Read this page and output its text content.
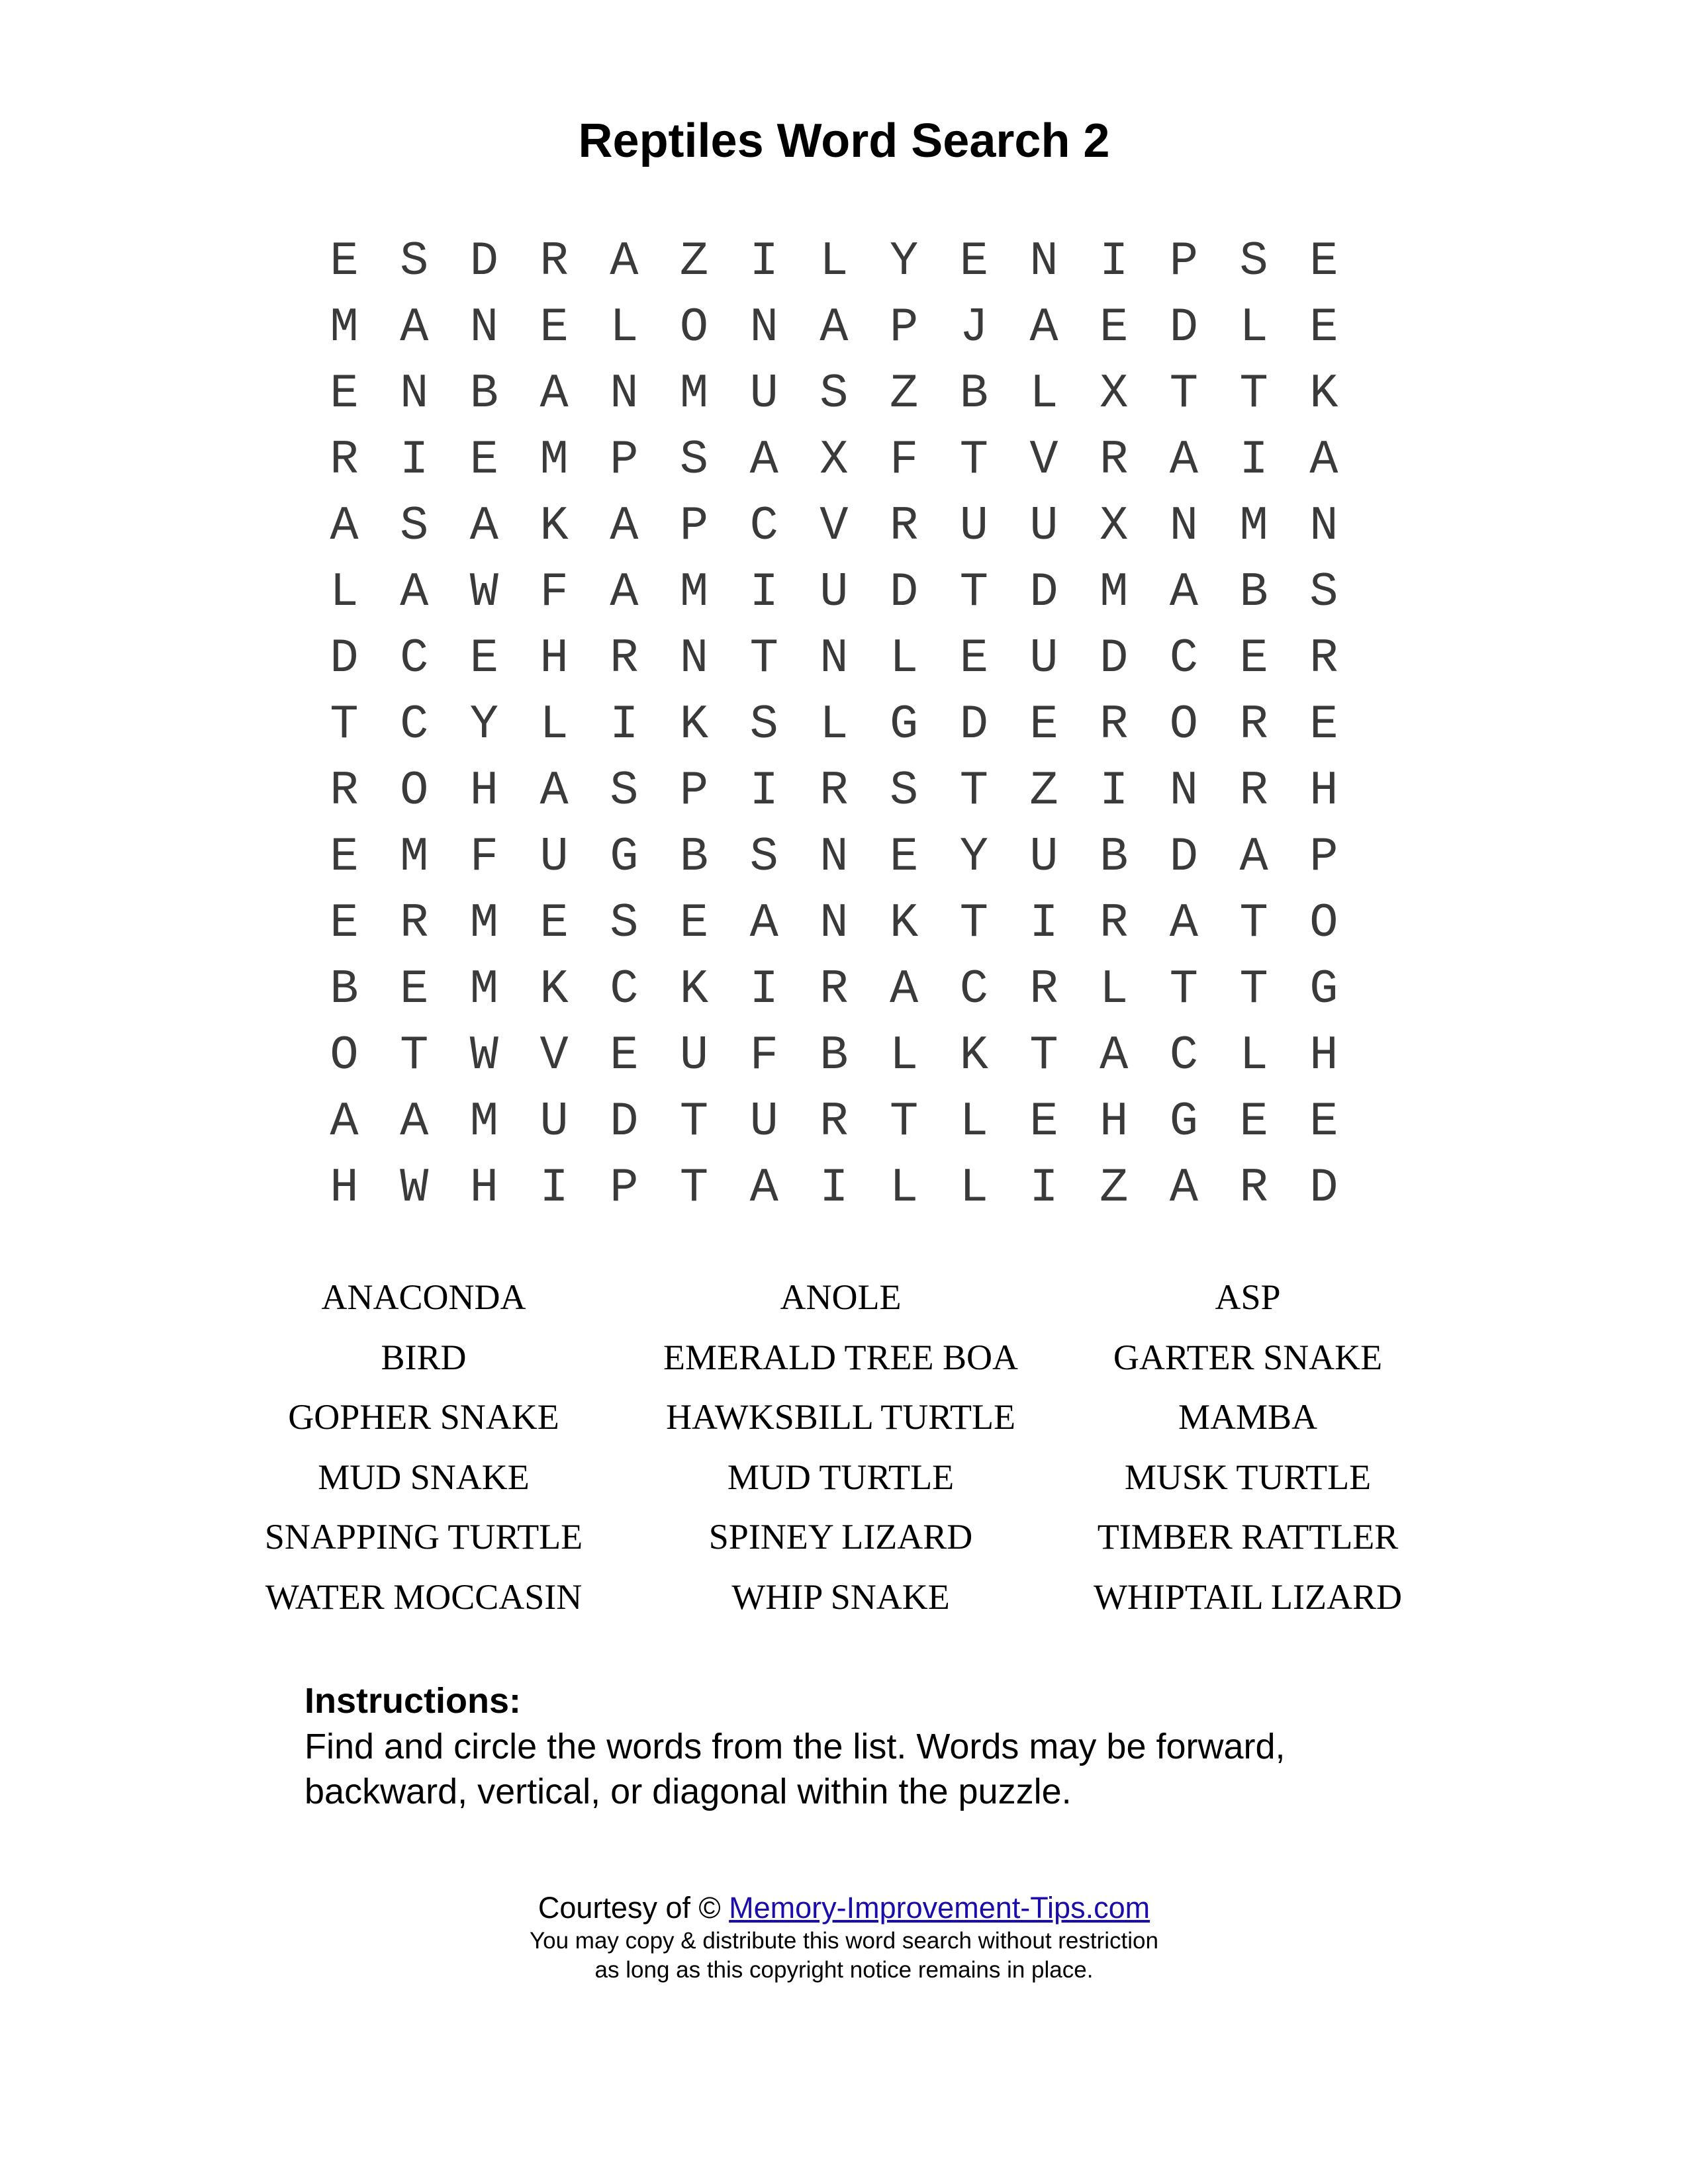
Reptiles Word Search 2
E S D R A Z I L Y E N I P S E
M A N E L O N A P J A E D L E
E N B A N M U S Z B L X T T K
R I E M P S A X F T V R A I A
A S A K A P C V R U U X N M N
L A W F A M I U D T D M A B S
D C E H R N T N L E U D C E R
T C Y L I K S L G D E R O R E
R O H A S P I R S T Z I N R H
E M F U G B S N E Y U B D A P
E R M E S E A N K T I R A T O
B E M K C K I R A C R L T T G
O T W V E U F B L K T A C L H
A A M U D T U R T L E H G E E
H W H I P T A I L L I Z A R D
ANACONDA	ANOLE	ASP
BIRD	EMERALD TREE BOA	GARTER SNAKE
GOPHER SNAKE	HAWKSBILL TURTLE	MAMBA
MUD SNAKE	MUD TURTLE	MUSK TURTLE
SNAPPING TURTLE	SPINEY LIZARD	TIMBER RATTLER
WATER MOCCASIN	WHIP SNAKE	WHIPTAIL LIZARD
Instructions:
Find and circle the words from the list. Words may be forward,
backward, vertical, or diagonal within the puzzle.
Courtesy of © Memory-Improvement-Tips.com
You may copy & distribute this word search without restriction
as long as this copyright notice remains in place.
